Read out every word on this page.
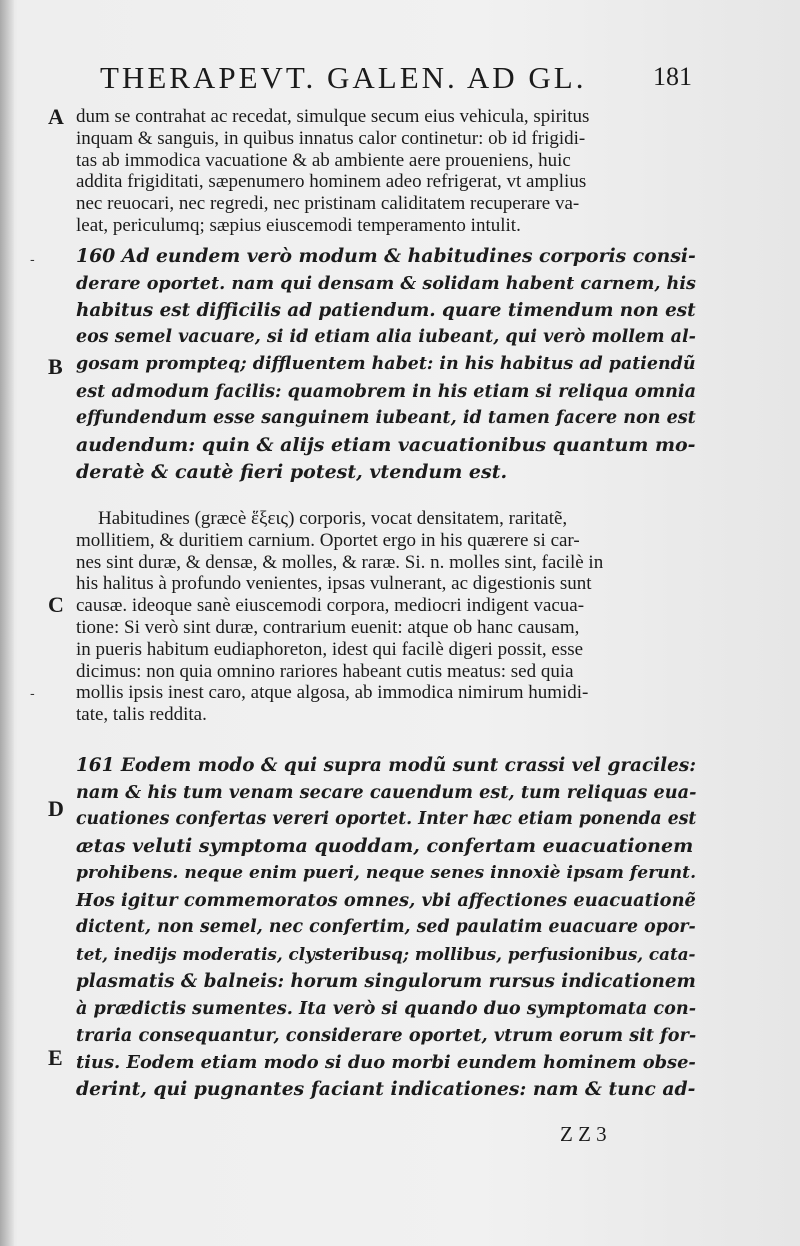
THERAPEVT. GALEN. AD GL.	181
A
B
C
D
E
-
-
dum se contrahat ac recedat, simulque secum eius vehicula, spiritus
inquam & sanguis, in quibus innatus calor continetur: ob id frigidi-
tas ab immodica vacuatione & ab ambiente aere proueniens, huic
addita frigiditati, sæpenumero hominem adeo refrigerat, vt amplius
nec reuocari, nec regredi, nec pristinam caliditatem recuperare va-
leat, periculumq; sæpius eiuscemodi temperamento intulit.
160 Ad eundem verò modum & habitudines corporis consi-
derare oportet. nam qui densam & solidam habent carnem, his
habitus est difficilis ad patiendum. quare timendum non est
eos semel vacuare, si id etiam alia iubeant, qui verò mollem al-
gosam prompteq; diffluentem habet: in his habitus ad patiendũ
est admodum facilis: quamobrem in his etiam si reliqua omnia
effundendum esse sanguinem iubeant, id tamen facere non est
audendum: quin & alijs etiam vacuationibus quantum mo-
deratè & cautè fieri potest, vtendum est.
Habitudines (græcè ἕξεις) corporis, vocat densitatem, raritatẽ,
mollitiem, & duritiem carnium. Oportet ergo in his quærere si car-
nes sint duræ, & densæ, & molles, & raræ. Si. n. molles sint, facilè in
his halitus à profundo venientes, ipsas vulnerant, ac digestionis sunt
causæ. ideoque sanè eiuscemodi corpora, mediocri indigent vacua-
tione: Si verò sint duræ, contrarium euenit: atque ob hanc causam,
in pueris habitum eudiaphoreton, idest qui facilè digeri possit, esse
dicimus: non quia omnino rariores habeant cutis meatus: sed quia
mollis ipsis inest caro, atque algosa, ab immodica nimirum humidi-
tate, talis reddita.
161 Eodem modo & qui supra modũ sunt crassi vel graciles:
nam & his tum venam secare cauendum est, tum reliquas eua-
cuationes confertas vereri oportet. Inter hæc etiam ponenda est
ætas veluti symptoma quoddam, confertam euacuationem
prohibens. neque enim pueri, neque senes innoxiè ipsam ferunt.
Hos igitur commemoratos omnes, vbi affectiones euacuationẽ
dictent, non semel, nec confertim, sed paulatim euacuare opor-
tet, inedijs moderatis, clysteribusq; mollibus, perfusionibus, cata-
plasmatis & balneis: horum singulorum rursus indicationem
à prædictis sumentes. Ita verò si quando duo symptomata con-
traria consequantur, considerare oportet, vtrum eorum sit for-
tius. Eodem etiam modo si duo morbi eundem hominem obse-
derint, qui pugnantes faciant indicationes: nam & tunc ad-
Z Z 3
